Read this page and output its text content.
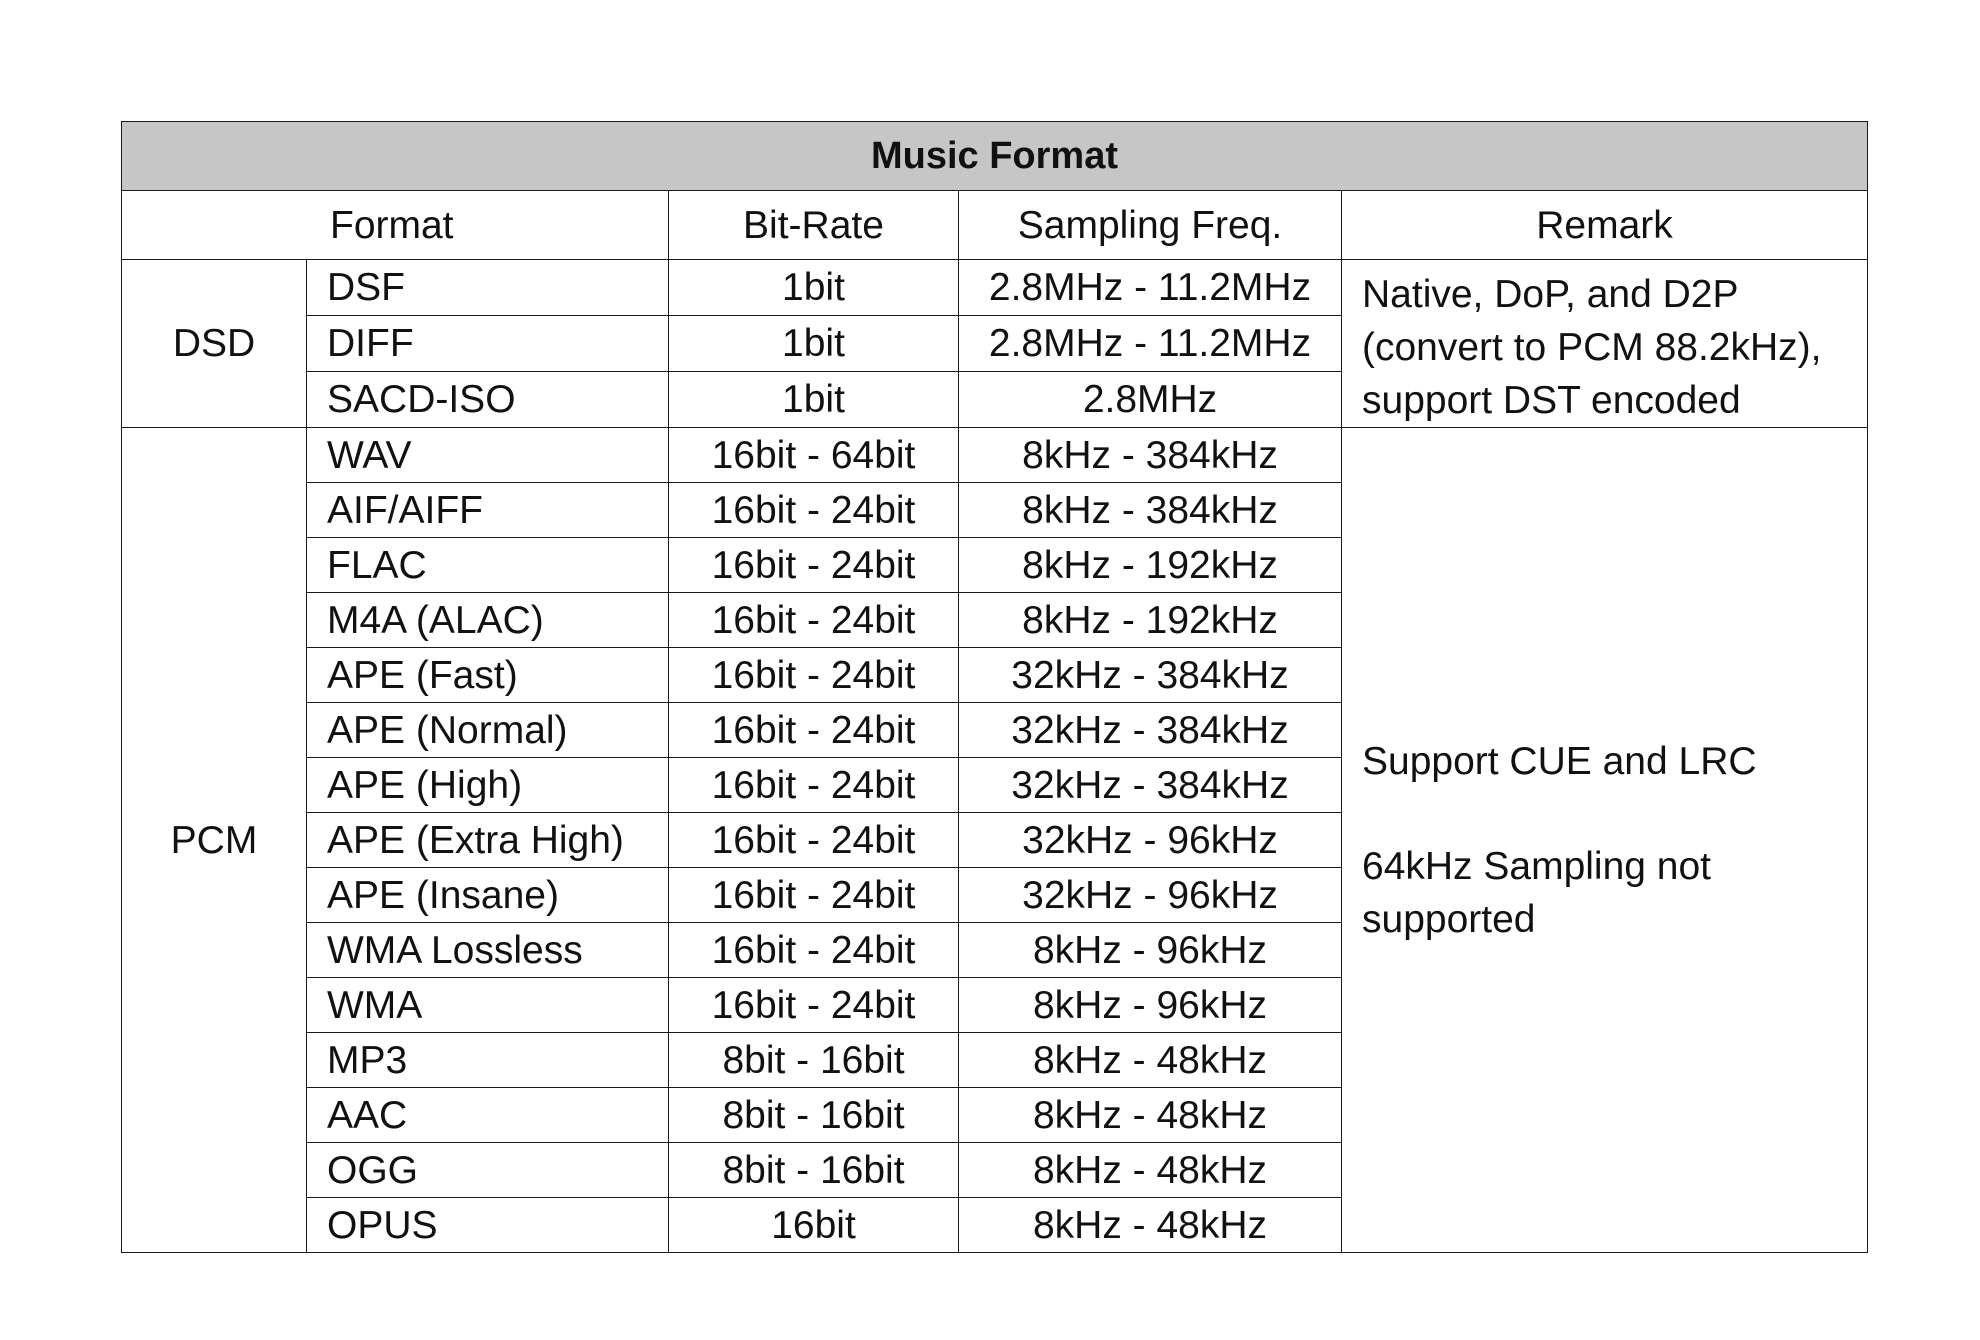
Music Format				
Format		Bit-Rate	Sampling Freq.	Remark
DSD	DSF	1bit	2.8MHz - 11.2MHz	Native, DoP, and D2P
(convert to PCM 88.2kHz),
support DST encoded
	DIFF	1bit	2.8MHz - 11.2MHz	
	SACD-ISO	1bit	2.8MHz	
PCM	WAV	16bit - 64bit	8kHz - 384kHz	Support CUE and LRC
64kHz Sampling not
supported
	AIF/AIFF	16bit - 24bit	8kHz - 384kHz	
	FLAC	16bit - 24bit	8kHz - 192kHz	
	M4A (ALAC)	16bit - 24bit	8kHz - 192kHz	
	APE (Fast)	16bit - 24bit	32kHz - 384kHz	
	APE (Normal)	16bit - 24bit	32kHz - 384kHz	
	APE (High)	16bit - 24bit	32kHz - 384kHz	
	APE (Extra High)	16bit - 24bit	32kHz - 96kHz	
	APE (Insane)	16bit - 24bit	32kHz - 96kHz	
	WMA Lossless	16bit - 24bit	8kHz - 96kHz	
	WMA	16bit - 24bit	8kHz - 96kHz	
	MP3	8bit - 16bit	8kHz - 48kHz	
	AAC	8bit - 16bit	8kHz - 48kHz	
	OGG	8bit - 16bit	8kHz - 48kHz	
	OPUS	16bit	8kHz - 48kHz	
